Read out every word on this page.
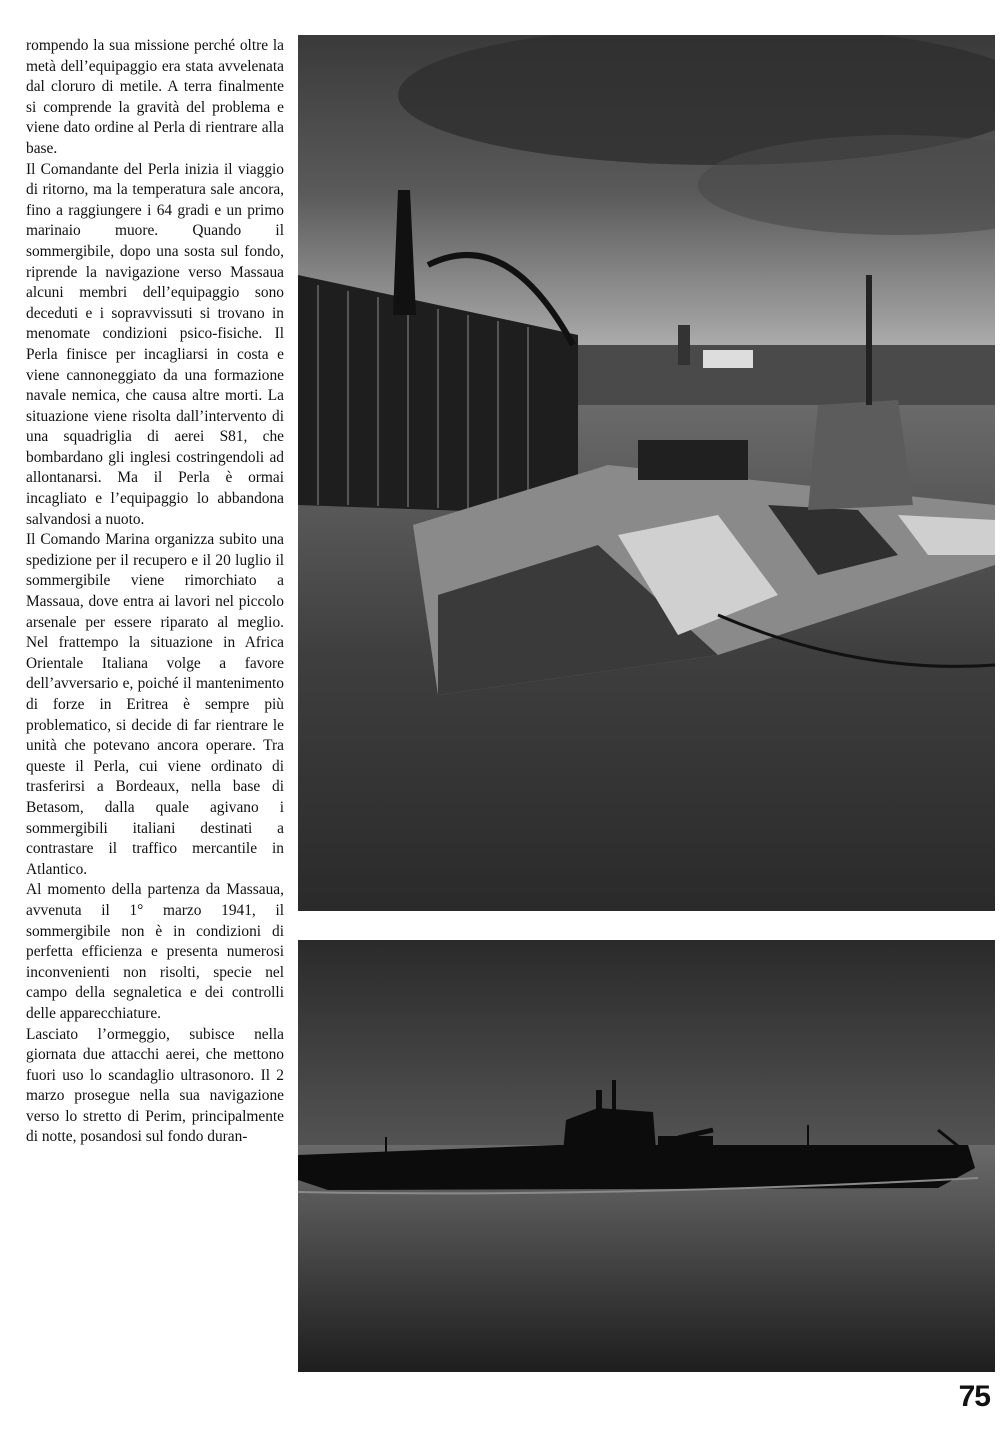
rompendo la sua missione perché oltre la metà dell’equipaggio era stata avvelenata dal cloruro di metile. A terra finalmente si comprende la gravità del problema e viene dato ordine al Perla di rientrare alla base.

Il Comandante del Perla inizia il viaggio di ritorno, ma la temperatura sale ancora, fino a raggiungere i 64 gradi e un primo marinaio muore. Quando il sommergibile, dopo una sosta sul fondo, riprende la navigazione verso Massaua alcuni membri dell’equipaggio sono deceduti e i sopravvissuti si trovano in menomate condizioni psico-fisiche. Il Perla finisce per incagliarsi in costa e viene cannoneggiato da una formazione navale nemica, che causa altre morti. La situazione viene risolta dall’intervento di una squadriglia di aerei S81, che bombardano gli inglesi costringendoli ad allontanarsi. Ma il Perla è ormai incagliato e l’equipaggio lo abbandona salvandosi a nuoto.

Il Comando Marina organizza subito una spedizione per il recupero e il 20 luglio il sommergibile viene rimorchiato a Massaua, dove entra ai lavori nel piccolo arsenale per essere riparato al meglio. Nel frattempo la situazione in Africa Orientale Italiana volge a favore dell’avversario e, poiché il mantenimento di forze in Eritrea è sempre più problematico, si decide di far rientrare le unità che potevano ancora operare. Tra queste il Perla, cui viene ordinato di trasferirsi a Bordeaux, nella base di Betasom, dalla quale agivano i sommergibili italiani destinati a contrastare il traffico mercantile in Atlantico.

Al momento della partenza da Massaua, avvenuta il 1° marzo 1941, il sommergibile non è in condizioni di perfetta efficienza e presenta numerosi inconvenienti non risolti, specie nel campo della segnaletica e dei controlli delle apparecchiature.

Lasciato l’ormeggio, subisce nella giornata due attacchi aerei, che mettono fuori uso lo scandaglio ultrasonoro. Il 2 marzo prosegue nella sua navigazione verso lo stretto di Perim, principalmente di notte, posandosi sul fondo duran-

75
